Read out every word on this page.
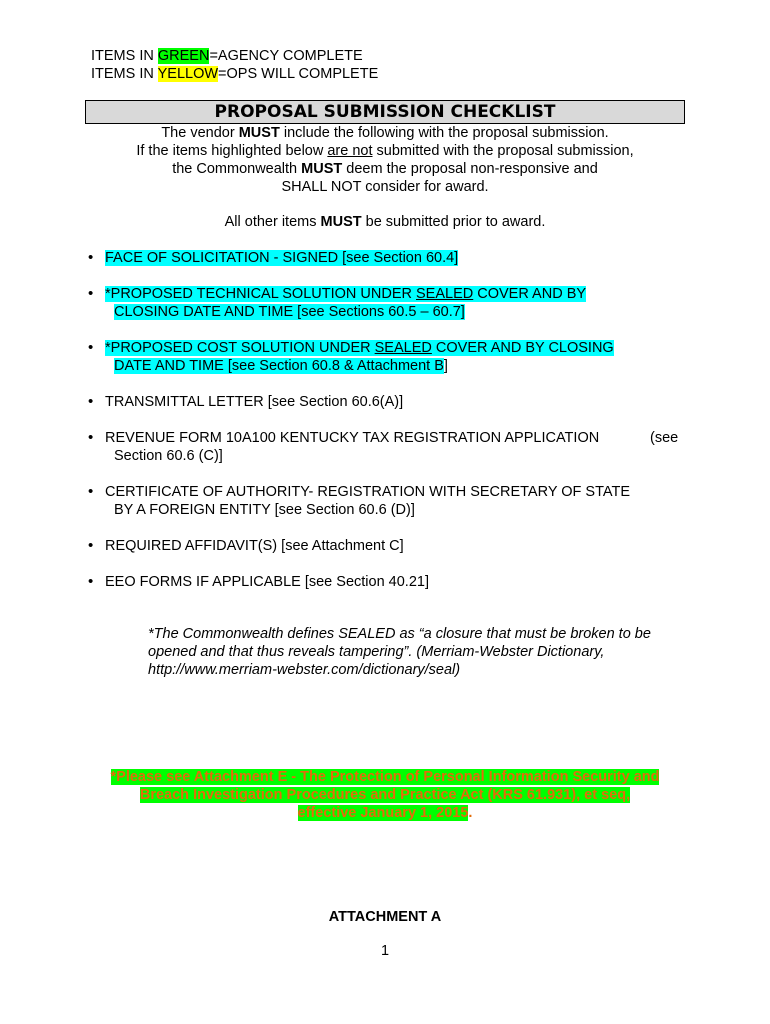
ITEMS IN GREEN=AGENCY COMPLETE
ITEMS IN YELLOW=OPS WILL COMPLETE
PROPOSAL SUBMISSION CHECKLIST
The vendor MUST include the following with the proposal submission.
If the items highlighted below are not submitted with the proposal submission,
the Commonwealth MUST deem the proposal non-responsive and
SHALL NOT consider for award.
All other items MUST be submitted prior to award.
• FACE OF SOLICITATION - SIGNED [see Section 60.4]
• *PROPOSED TECHNICAL SOLUTION UNDER SEALED COVER AND BY
CLOSING DATE AND TIME [see Sections 60.5 – 60.7]
• *PROPOSED COST SOLUTION UNDER SEALED COVER AND BY CLOSING
DATE AND TIME [see Section 60.8 & Attachment B]
• TRANSMITTAL LETTER [see Section 60.6(A)]
• REVENUE FORM 10A100 KENTUCKY TAX REGISTRATION APPLICATION	(see

Section 60.6 (C)]
• CERTIFICATE OF AUTHORITY- REGISTRATION WITH SECRETARY OF STATE
BY A FOREIGN ENTITY [see Section 60.6 (D)]
• REQUIRED AFFIDAVIT(S) [see Attachment C]
• EEO FORMS IF APPLICABLE [see Section 40.21]
*The Commonwealth defines SEALED as “a closure that must be broken to be
opened and that thus reveals tampering”. (Merriam-Webster Dictionary,
http://www.merriam-webster.com/dictionary/seal)
*Please see Attachment E - The Protection of Personal Information Security and
Breach Investigation Procedures and Practice Act (KRS 61.931), et seq,
effective January 1, 2015.
ATTACHMENT A
1
